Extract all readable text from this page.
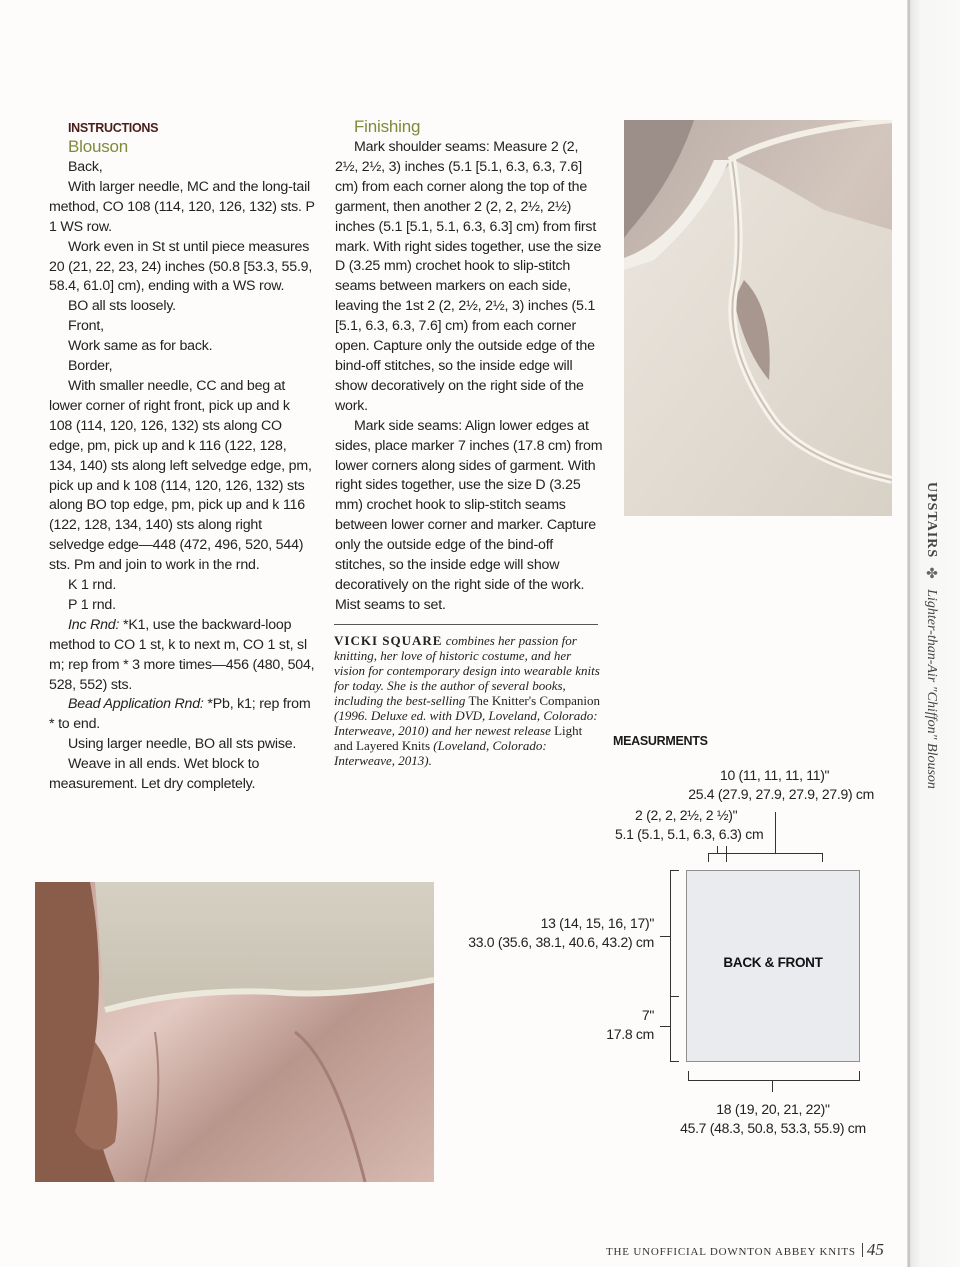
UPSTAIRS ✤ Lighter-than-Air "Chiffon" Blouson

INSTRUCTIONS

Blouson

Back,

With larger needle, MC and the long-tail method, CO 108 (114, 120, 126, 132) sts. P 1 WS row.

Work even in St st until piece measures 20 (21, 22, 23, 24) inches (50.8 [53.3, 55.9, 58.4, 61.0] cm), ending with a WS row.

BO all sts loosely.

Front,

Work same as for back.

Border,

With smaller needle, CC and beg at lower corner of right front, pick up and k 108 (114, 120, 126, 132) sts along CO edge, pm, pick up and k 116 (122, 128, 134, 140) sts along left selvedge edge, pm, pick up and k 108 (114, 120, 126, 132) sts along BO top edge, pm, pick up and k 116 (122, 128, 134, 140) sts along right selvedge edge—448 (472, 496, 520, 544) sts. Pm and join to work in the rnd.

K 1 rnd.

P 1 rnd.

Inc Rnd: *K1, use the backward-loop method to CO 1 st, k to next m, CO 1 st, sl m; rep from * 3 more times—456 (480, 504, 528, 552) sts.

Bead Application Rnd: *Pb, k1; rep from * to end.

Using larger needle, BO all sts pwise.

Weave in all ends. Wet block to measurement. Let dry completely.

Finishing

Mark shoulder seams: Measure 2 (2, 2½, 2½, 3) inches (5.1 [5.1, 6.3, 6.3, 7.6] cm) from each corner along the top of the garment, then another 2 (2, 2, 2½, 2½) inches (5.1 [5.1, 5.1, 6.3, 6.3] cm) from first mark. With right sides together, use the size D (3.25 mm) crochet hook to slip-stitch seams between markers on each side, leaving the 1st 2 (2, 2½, 2½, 3) inches (5.1 [5.1, 6.3, 6.3, 7.6] cm) from each corner open. Capture only the outside edge of the bind-off stitches, so the inside edge will show decoratively on the right side of the work.

Mark side seams: Align lower edges at sides, place marker 7 inches (17.8 cm) from lower corners along sides of garment. With right sides together, use the size D (3.25 mm) crochet hook to slip-stitch seams between lower corner and marker. Capture only the outside edge of the bind-off stitches, so the inside edge will show decoratively on the right side of the work. Mist seams to set.

VICKI SQUARE combines her passion for knitting, her love of historic costume, and her vision for contemporary design into wearable knits for today. She is the author of several books, including the best-selling The Knitter's Companion (1996. Deluxe ed. with DVD, Loveland, Colorado: Interweave, 2010) and her newest release Light and Layered Knits (Loveland, Colorado: Interweave, 2013).
MEASURMENTS
10 (11, 11, 11, 11)"
25.4 (27.9, 27.9, 27.9, 27.9) cm
2 (2, 2, 2½, 2 ½)"
5.1 (5.1, 5.1, 6.3, 6.3) cm
13 (14, 15, 16, 17)"
33.0 (35.6, 38.1, 40.6, 43.2) cm
7"
17.8 cm
18 (19, 20, 21, 22)"
45.7 (48.3, 50.8, 53.3, 55.9) cm
BACK & FRONT
THE UNOFFICIAL DOWNTON ABBEY KNITS 45
